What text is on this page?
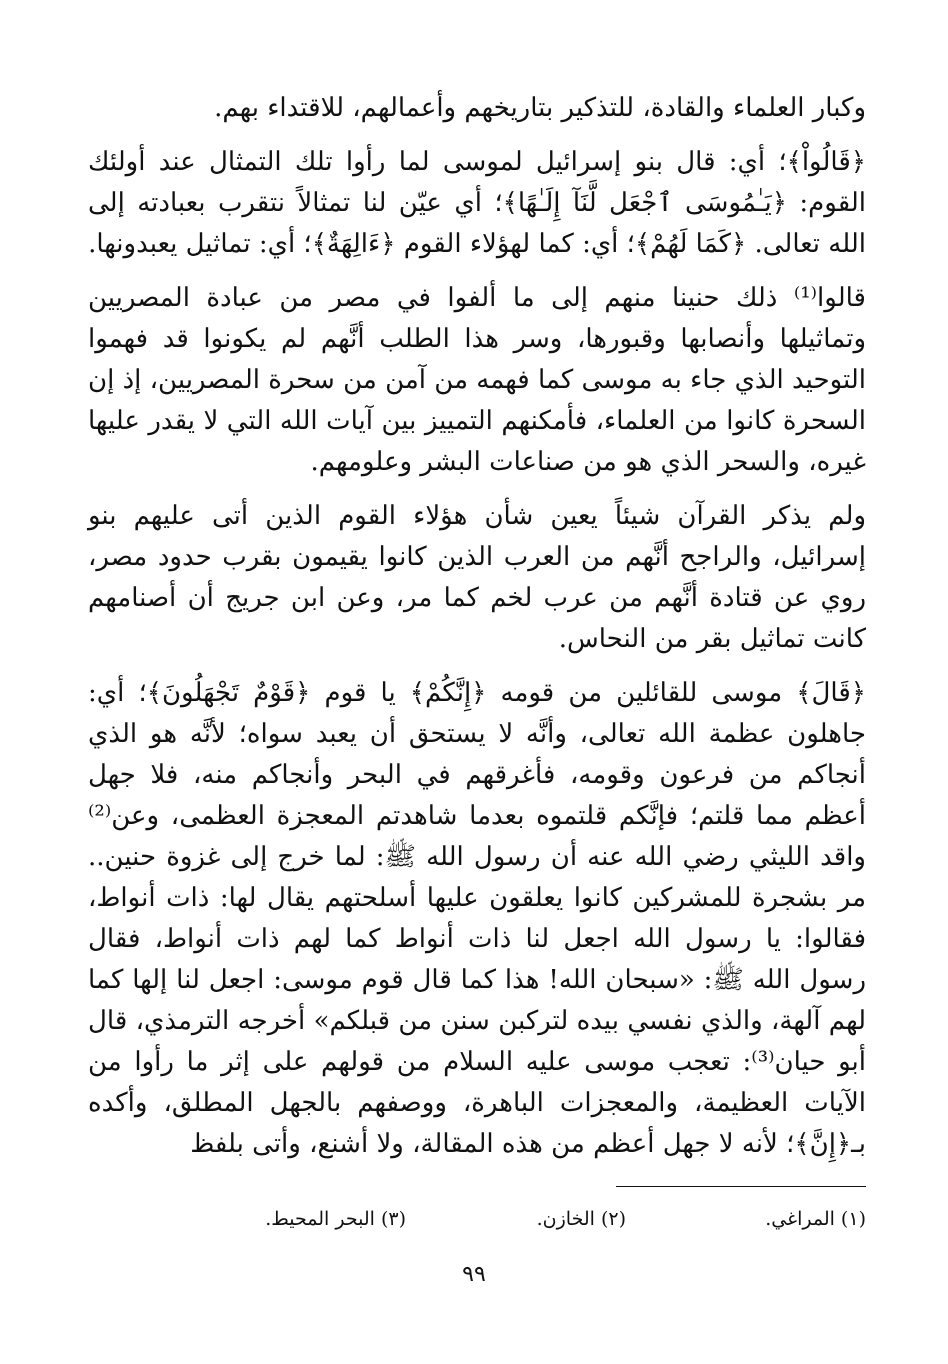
وكبار العلماء والقادة، للتذكير بتاريخهم وأعمالهم، للاقتداء بهم.

﴿قَالُواْ﴾؛ أي: قال بنو إسرائيل لموسى لما رأوا تلك التمثال عند أولئك القوم: ﴿يَـٰمُوسَى ٱجْعَل لَّنَآ إِلَـٰهًا﴾؛ أي عيّن لنا تمثالاً نتقرب بعبادته إلى الله تعالى. ﴿كَمَا لَهُمْ﴾؛ أي: كما لهؤلاء القوم ﴿ءَالِهَةٌ﴾؛ أي: تماثيل يعبدونها.

قالوا⁽¹⁾ ذلك حنينا منهم إلى ما ألفوا في مصر من عبادة المصريين وتماثيلها وأنصابها وقبورها، وسر هذا الطلب أنَّهم لم يكونوا قد فهموا التوحيد الذي جاء به موسى كما فهمه من آمن من سحرة المصريين، إذ إن السحرة كانوا من العلماء، فأمكنهم التمييز بين آيات الله التي لا يقدر عليها غيره، والسحر الذي هو من صناعات البشر وعلومهم.

ولم يذكر القرآن شيئاً يعين شأن هؤلاء القوم الذين أتى عليهم بنو إسرائيل، والراجح أنَّهم من العرب الذين كانوا يقيمون بقرب حدود مصر، روي عن قتادة أنَّهم من عرب لخم كما مر، وعن ابن جريج أن أصنامهم كانت تماثيل بقر من النحاس.

﴿قَالَ﴾ موسى للقائلين من قومه ﴿إِنَّكُمْ﴾ يا قوم ﴿قَوْمٌ تَجْهَلُونَ﴾؛ أي: جاهلون عظمة الله تعالى، وأنَّه لا يستحق أن يعبد سواه؛ لأنَّه هو الذي أنجاكم من فرعون وقومه، فأغرقهم في البحر وأنجاكم منه، فلا جهل أعظم مما قلتم؛ فإنَّكم قلتموه بعدما شاهدتم المعجزة العظمى، وعن⁽²⁾ واقد الليثي رضي الله عنه أن رسول الله ﷺ: لما خرج إلى غزوة حنين.. مر بشجرة للمشركين كانوا يعلقون عليها أسلحتهم يقال لها: ذات أنواط، فقالوا: يا رسول الله اجعل لنا ذات أنواط كما لهم ذات أنواط، فقال رسول الله ﷺ: «سبحان الله! هذا كما قال قوم موسى: اجعل لنا إلها كما لهم آلهة، والذي نفسي بيده لتركبن سنن من قبلكم» أخرجه الترمذي، قال أبو حيان⁽³⁾: تعجب موسى عليه السلام من قولهم على إثر ما رأوا من الآيات العظيمة، والمعجزات الباهرة، ووصفهم بالجهل المطلق، وأكده بـ﴿إِنَّ﴾؛ لأنه لا جهل أعظم من هذه المقالة، ولا أشنع، وأتى بلفظ

(١) المراغي.
(٢) الخازن.
(٣) البحر المحيط.
٩٩
